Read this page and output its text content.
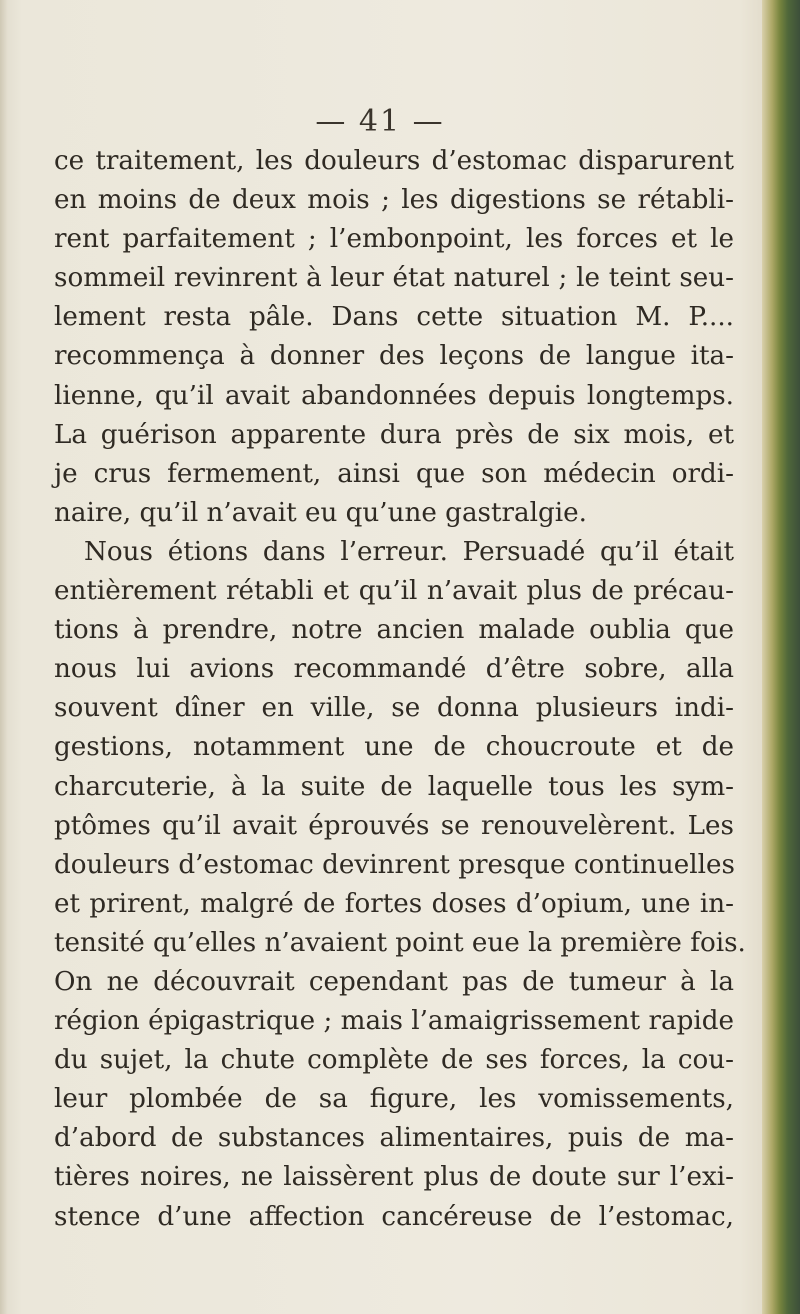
— 41 —
ce traitement, les douleurs d’estomac disparurent
en moins de deux mois ; les digestions se rétabli-
rent parfaitement ; l’embonpoint, les forces et le
sommeil revinrent à leur état naturel ; le teint seu-
lement resta pâle. Dans cette situation M. P....
recommença à donner des leçons de langue ita-
lienne, qu’il avait abandonnées depuis longtemps.
La guérison apparente dura près de six mois, et
je crus fermement, ainsi que son médecin ordi-
naire, qu’il n’avait eu qu’une gastralgie.
Nous étions dans l’erreur. Persuadé qu’il était
entièrement rétabli et qu’il n’avait plus de précau-
tions à prendre, notre ancien malade oublia que
nous lui avions recommandé d’être sobre, alla
souvent dîner en ville, se donna plusieurs indi-
gestions, notamment une de choucroute et de
charcuterie, à la suite de laquelle tous les sym-
ptômes qu’il avait éprouvés se renouvelèrent. Les
douleurs d’estomac devinrent presque continuelles
et prirent, malgré de fortes doses d’opium, une in-
tensité qu’elles n’avaient point eue la première fois.
On ne découvrait cependant pas de tumeur à la
région épigastrique ; mais l’amaigrissement rapide
du sujet, la chute complète de ses forces, la cou-
leur plombée de sa figure, les vomissements,
d’abord de substances alimentaires, puis de ma-
tières noires, ne laissèrent plus de doute sur l’exi-
stence d’une affection cancéreuse de l’estomac,
